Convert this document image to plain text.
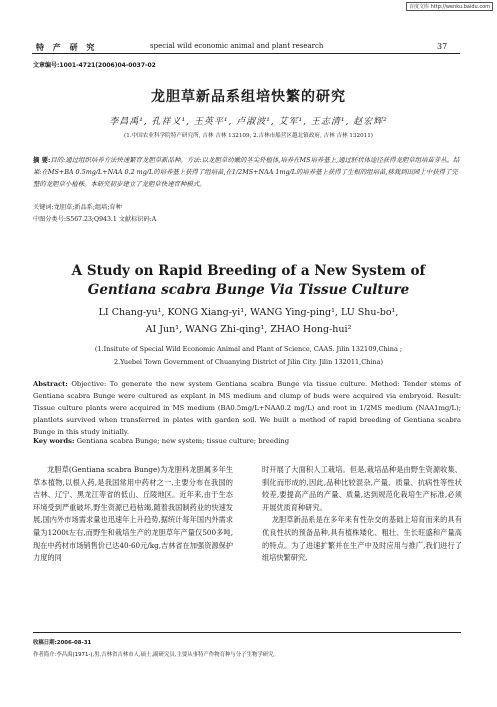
百度文库 http://wenku.baidu.com
特 产 研 究	special wild economic animal and plant research	37
文章编号:1001-4721(2006)04-0037-02
龙胆草新品系组培快繁的研究
李昌禹¹, 孔祥义¹, 王英平¹, 卢淑波¹, 艾军¹, 王志清¹, 赵宏辉²
(1.中国农业科学院特产研究所, 吉林 吉林 132109, 2.吉林市船营区越北镇政府, 吉林 吉林 132011)
摘 要:目的:通过组织培养方法快速繁育龙胆草新品种。方法:以龙胆草幼嫩的茎尖外植体,培养在MS培养基上,通过胚状体途径获得龙胆草组培苗芽丛。结果:在MS+BA 0.5mg/L+NAA 0.2 mg/L的培养基上获得了组培苗,在1/2MS+NAA 1mg/L的培养基上获得了生根的组培苗,移栽到田园土中获得了完整的龙胆草小植株。本研究初步建立了龙胆草快速育种模式。
关键词:龙胆草;新品系;组培;育种
中图分类号:S567.23;Q943.1 文献标识码:A
A Study on Rapid Breeding of a New System of
Gentiana scabra Bunge Via Tissue Culture
LI Chang-yu¹, KONG Xiang-yi¹, WANG Ying-ping¹, LU Shu-bo¹,
AI Jun¹, WANG Zhi-qing¹, ZHAO Hong-hui²
(1.Insitute of Special Wild Economic Animal and Plant of Science, CAAS. Jilin 132109,China ;
2.Yuebei Town Government of Chuanying District of Jilin City. Jilin 132011,China)
Abstract: Objective: To generate the new system Gentiana scabra Bunge via tissue culture. Method: Tender stems of Gentiana scabra Bunge were cultured as explant in MS medium and clump of buds were acquired via embryoid. Result: Tissue culture plants were acquired in MS medium (BA0.5mg/L+NAA0.2 mg/L) and root in 1/2MS medium (NAA1mg/L); plantlets survived when transferred in plates with garden soil. We built a method of rapid breeding of Gentiana scabra Bunge in this study initially.
Key words: Gentiana scabra Bunge; new system; tissue culture; breeding
龙胆草(Gentiana scabra Bunge)为龙胆科龙胆属多年生草本植物,以根入药,是我国常用中药材之一,主要分布在我国的吉林、辽宁、黑龙江等省的低山、丘陵地区。近年来,由于生态环境受到严重破坏,野生资源已趋枯竭,随着我国制药业的快速发展,国内外市场需求量也迅速年上升趋势,据统计每年国内外需求量为1200t左右,而野生和栽培生产的龙胆草年产量仅500多吨,现在中药材市场销售价已达40-60元/kg,吉林省在加强资源保护力度的同
时开展了大面积人工栽培。但是,栽培品种是由野生资源收集、驯化而形成的,因此,品种比较混杂,产量、质量、抗病性等性状较差,要提高产品的产量、质量,达到规范化栽培生产标准,必须开展优质育种研究。
龙胆草新品系是在多年来有性杂交的基础上培育而来的具有优良性状的预备品种,具有植株矮化、粗壮、生长旺盛和产量高的特点。为了进速扩繁并在生产中及时应用与推广,我们进行了组培快繁研究,
收稿日期:2006-08-31
作者简介:李昌禹(1971-),男,吉林省吉林市人,硕士,副研究员,主要从事特产作物育种与分子生物学研究。
